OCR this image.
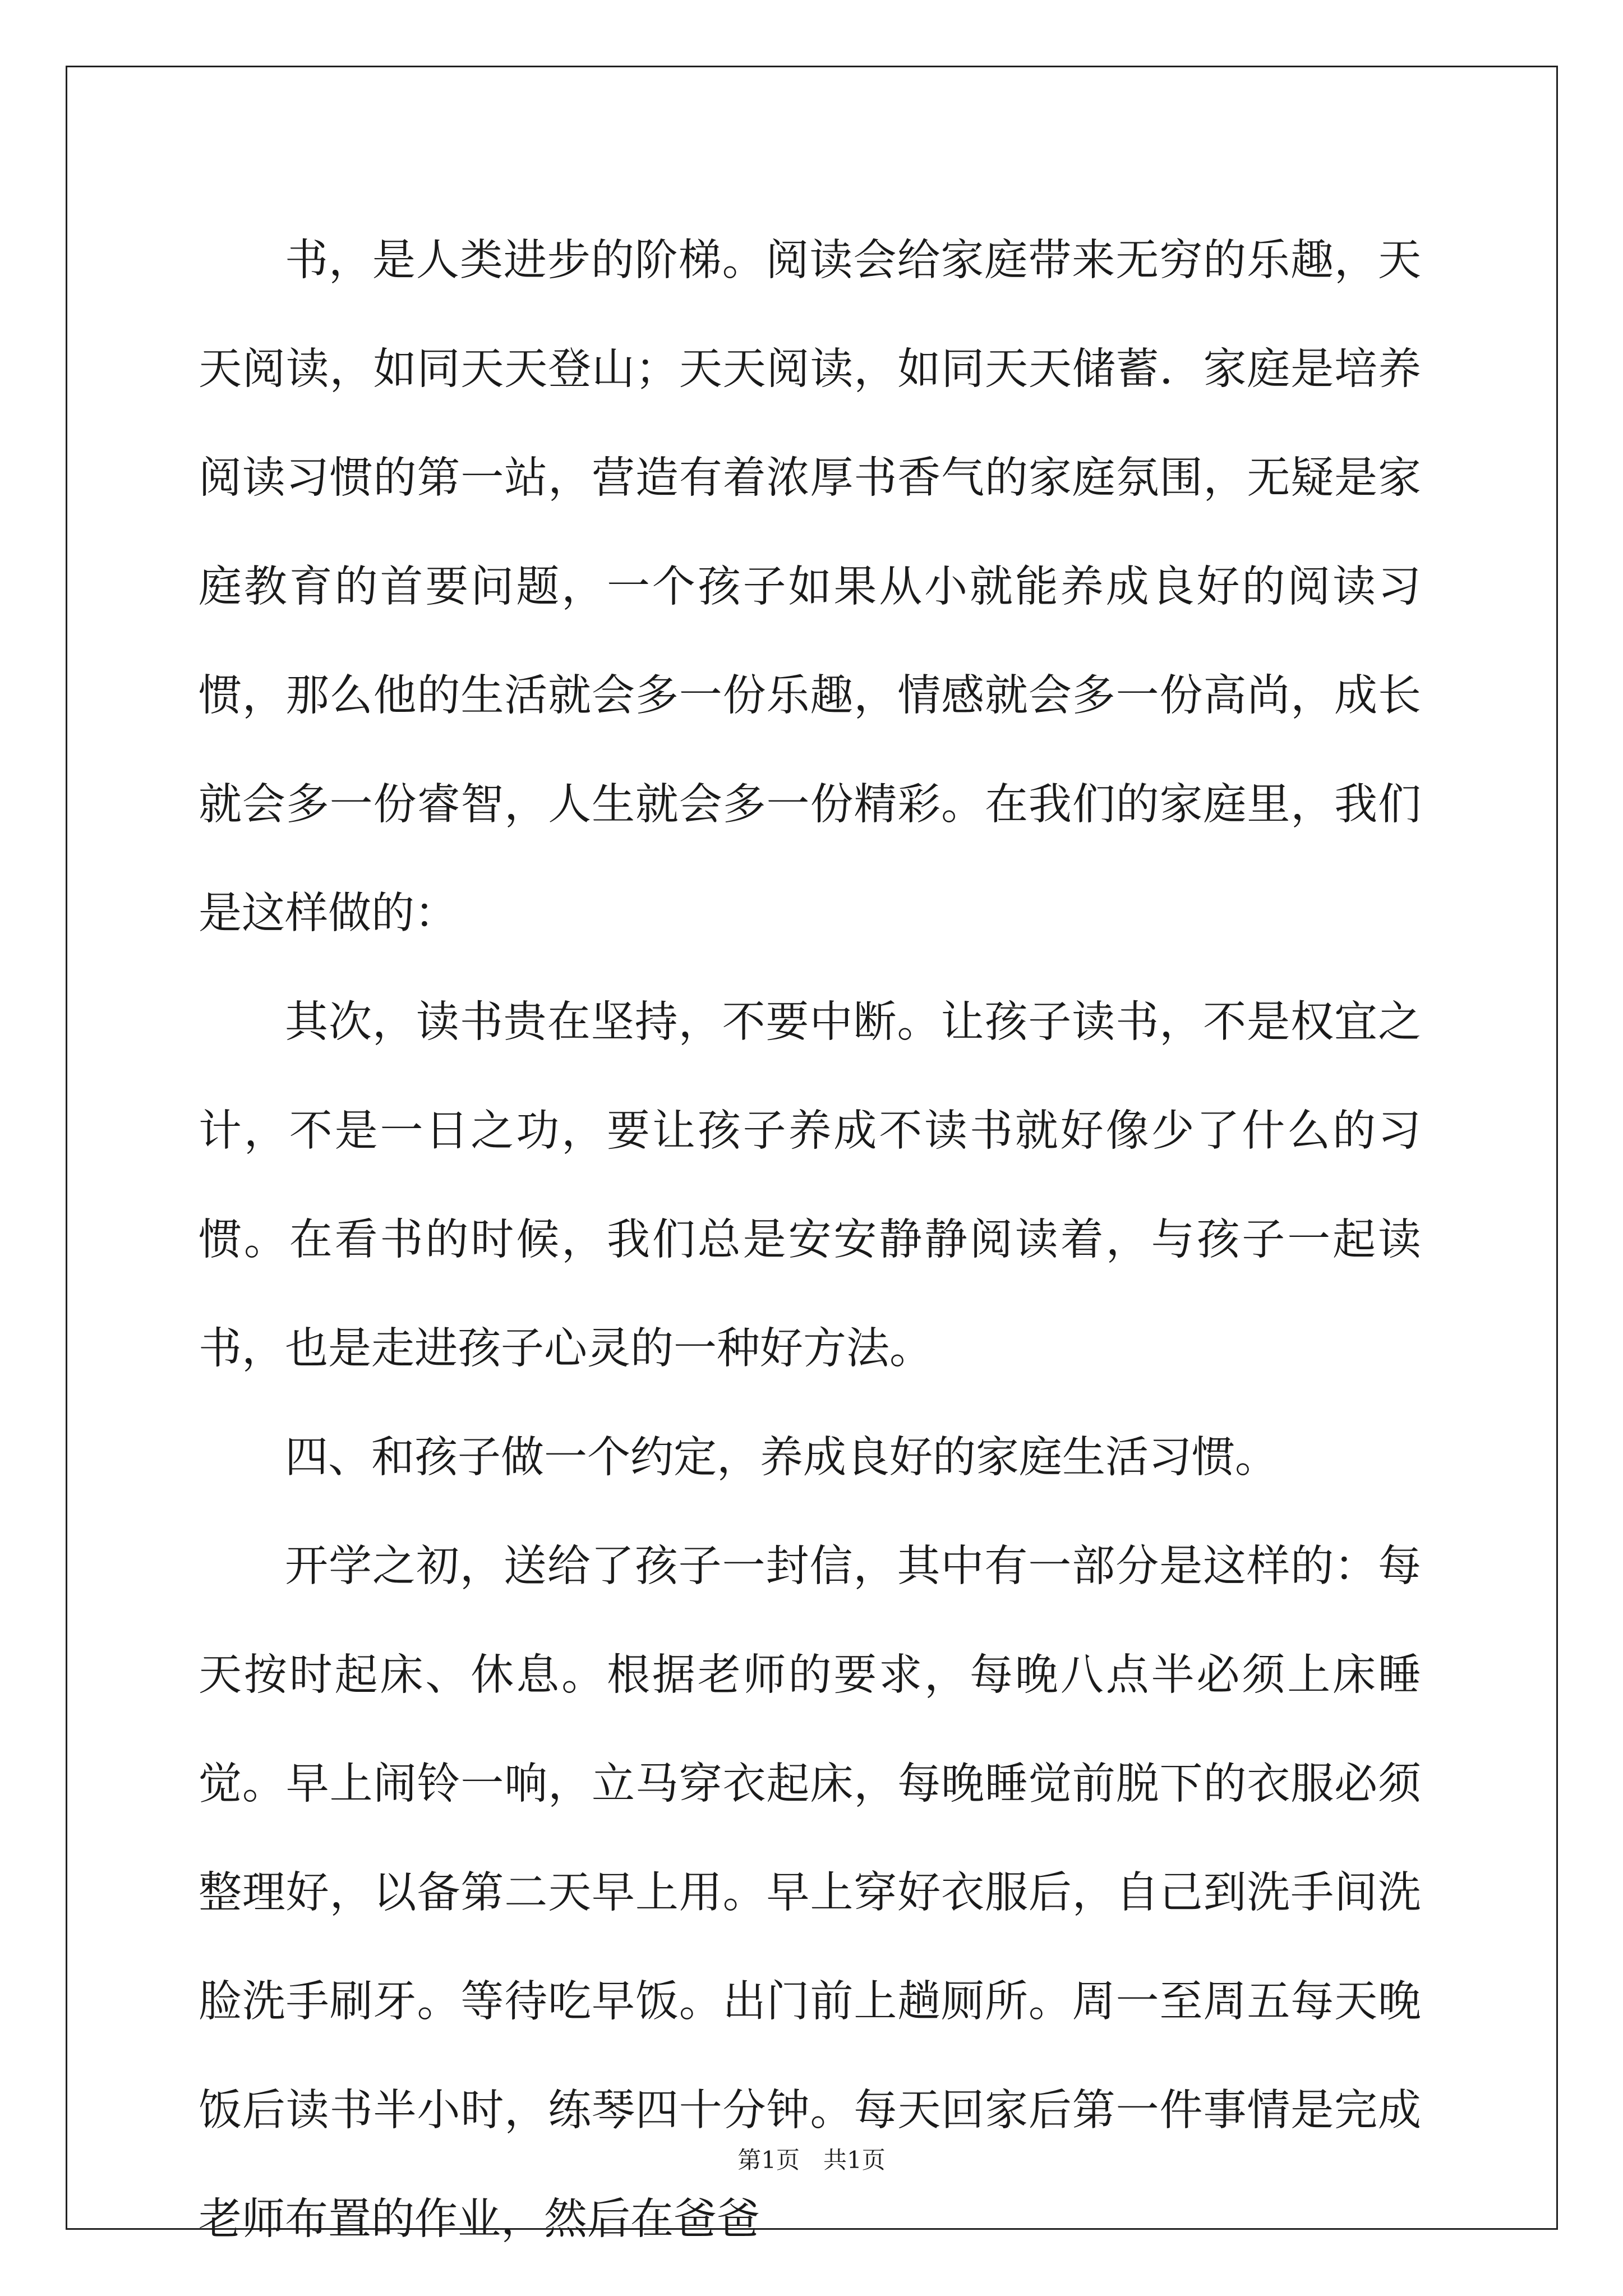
书，是人类进步的阶梯。阅读会给家庭带来无穷的乐趣，天天阅读，如同天天登山；天天阅读，如同天天储蓄．家庭是培养阅读习惯的第一站，营造有着浓厚书香气的家庭氛围，无疑是家庭教育的首要问题，一个孩子如果从小就能养成良好的阅读习惯，那么他的生活就会多一份乐趣，情感就会多一份高尚，成长就会多一份睿智，人生就会多一份精彩。在我们的家庭里，我们是这样做的：

其次，读书贵在坚持，不要中断。让孩子读书，不是权宜之计，不是一日之功，要让孩子养成不读书就好像少了什么的习惯。在看书的时候，我们总是安安静静阅读着，与孩子一起读书，也是走进孩子心灵的一种好方法。

四、和孩子做一个约定，养成良好的家庭生活习惯。

开学之初，送给了孩子一封信，其中有一部分是这样的：每天按时起床、休息。根据老师的要求，每晚八点半必须上床睡觉。早上闹铃一响，立马穿衣起床，每晚睡觉前脱下的衣服必须整理好，以备第二天早上用。早上穿好衣服后，自己到洗手间洗脸洗手刷牙。等待吃早饭。出门前上趟厕所。周一至周五每天晚饭后读书半小时，练琴四十分钟。每天回家后第一件事情是完成老师布置的作业，然后在爸爸

第1页　共1页
